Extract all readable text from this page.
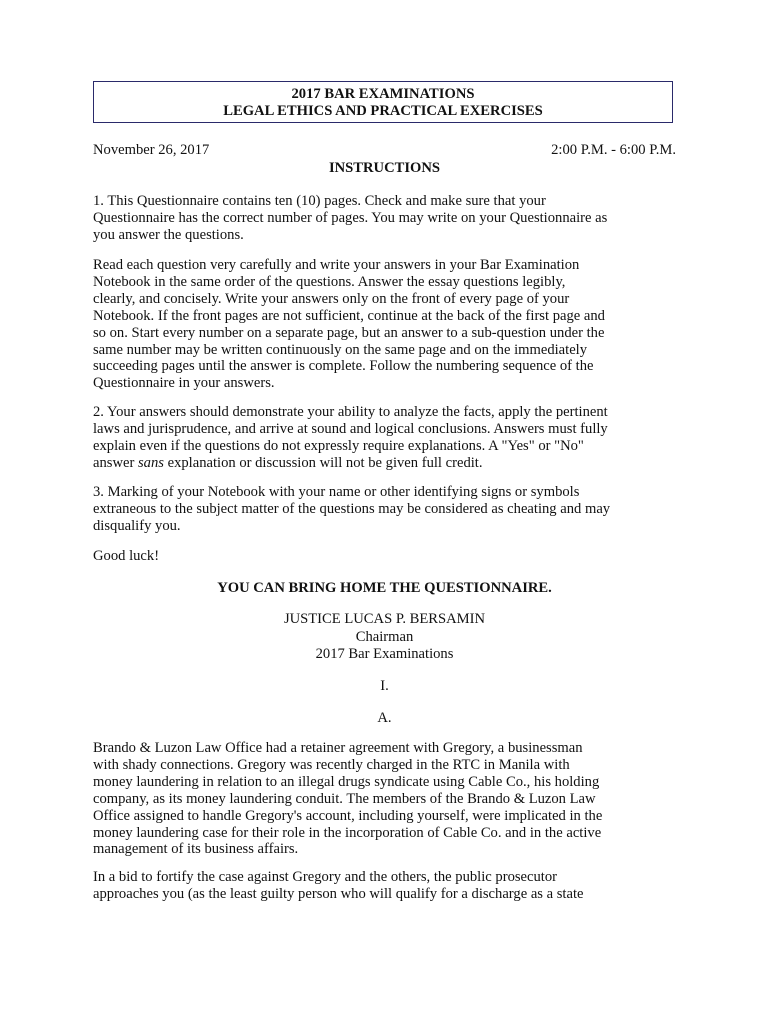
2017 BAR EXAMINATIONS
LEGAL ETHICS AND PRACTICAL EXERCISES
November 26, 2017	2:00 P.M. - 6:00 P.M.
INSTRUCTIONS

1. This Questionnaire contains ten (10) pages. Check and make sure that your
Questionnaire has the correct number of pages. You may write on your Questionnaire as
you answer the questions.

Read each question very carefully and write your answers in your Bar Examination
Notebook in the same order of the questions. Answer the essay questions legibly,
clearly, and concisely. Write your answers only on the front of every page of your
Notebook. If the front pages are not sufficient, continue at the back of the first page and
so on. Start every number on a separate page, but an answer to a sub-question under the
same number may be written continuously on the same page and on the immediately
succeeding pages until the answer is complete. Follow the numbering sequence of the
Questionnaire in your answers.

2. Your answers should demonstrate your ability to analyze the facts, apply the pertinent
laws and jurisprudence, and arrive at sound and logical conclusions. Answers must fully
explain even if the questions do not expressly require explanations. A "Yes" or "No"
answer sans explanation or discussion will not be given full credit.

3. Marking of your Notebook with your name or other identifying signs or symbols
extraneous to the subject matter of the questions may be considered as cheating and may
disqualify you.

Good luck!

YOU CAN BRING HOME THE QUESTIONNAIRE.
JUSTICE LUCAS P. BERSAMIN
Chairman
2017 Bar Examinations
I.
A.

Brando & Luzon Law Office had a retainer agreement with Gregory, a businessman
with shady connections. Gregory was recently charged in the RTC in Manila with
money laundering in relation to an illegal drugs syndicate using Cable Co., his holding
company, as its money laundering conduit. The members of the Brando & Luzon Law
Office assigned to handle Gregory's account, including yourself, were implicated in the
money laundering case for their role in the incorporation of Cable Co. and in the active
management of its business affairs.

In a bid to fortify the case against Gregory and the others, the public prosecutor
approaches you (as the least guilty person who will qualify for a discharge as a state
